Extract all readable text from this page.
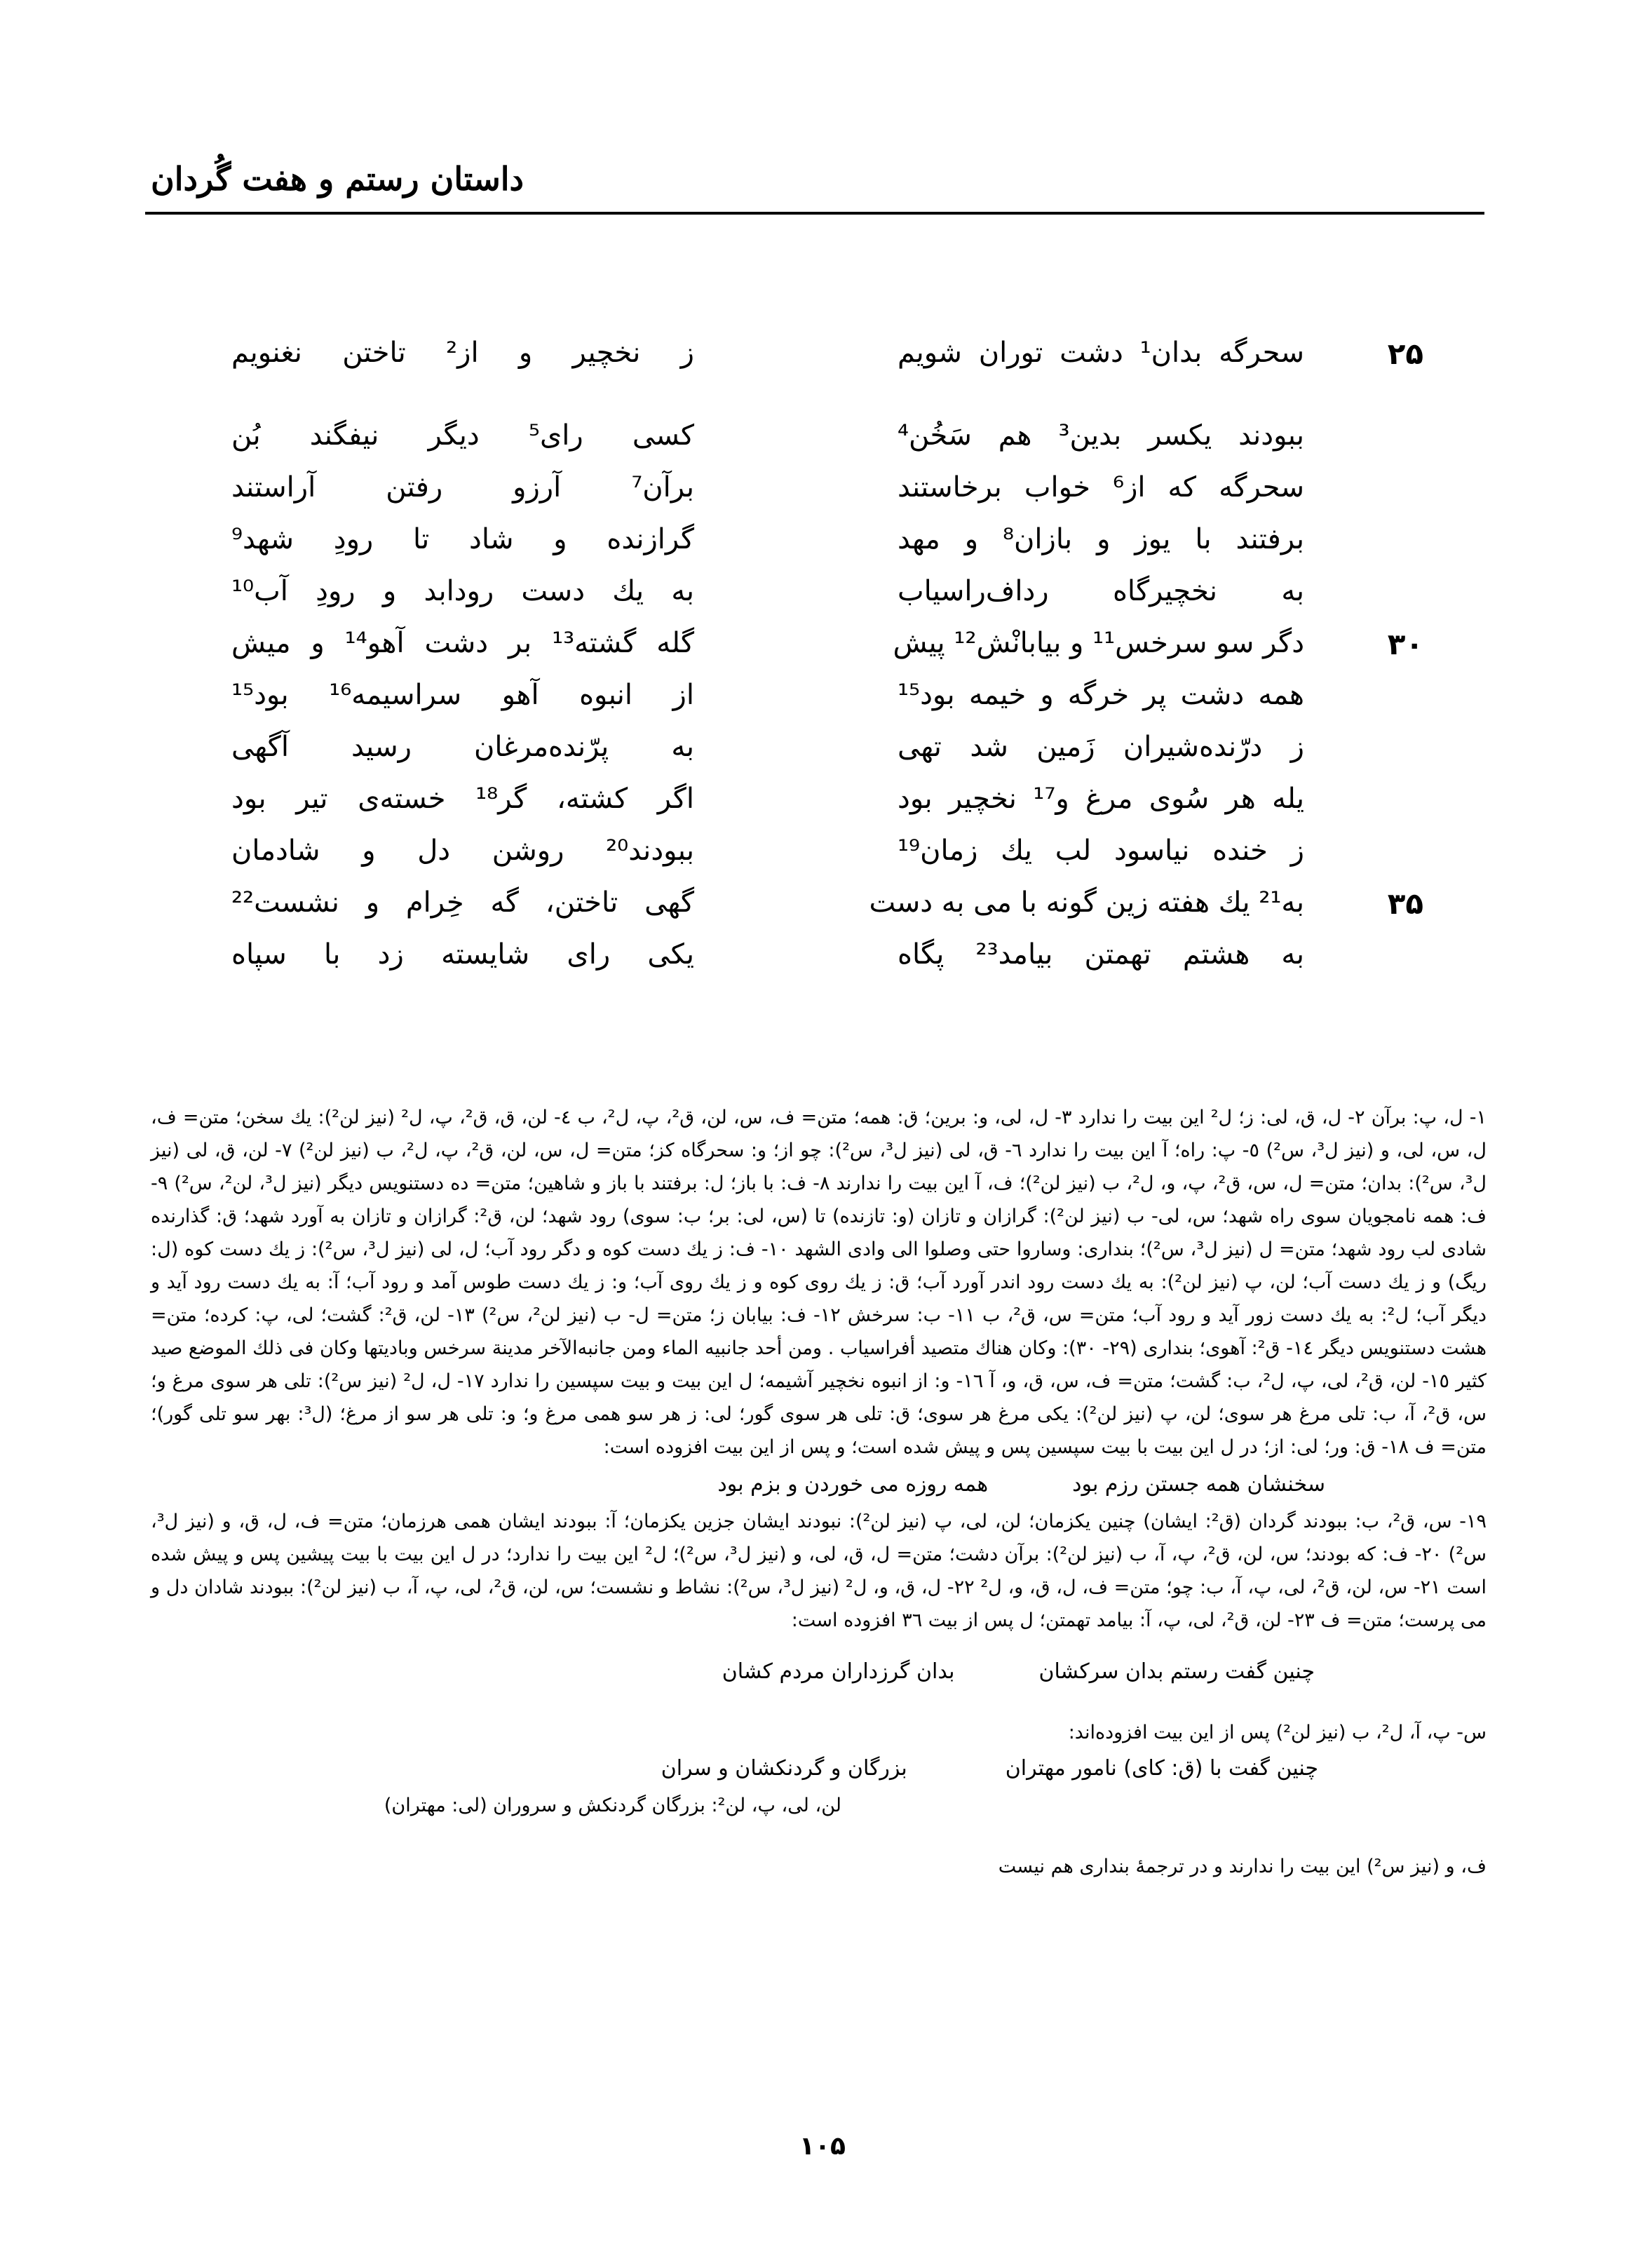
داستان رستم و هفت گُردان
۲۵
سحرگه بدان¹ دشت توران شویم
ز نخچیر و از² تاختن نغنویم
ببودند یکسر بدین³ هم سَخُن⁴
کسی رای⁵ دیگر نیفگند بُن
سحرگه که از⁶ خواب برخاستند
برآن⁷ آرزو رفتن آراستند
برفتند با یوز و بازان⁸ و مهد
گرازنده و شاد تا رودِ شهد⁹
به نخچیرگاه رداف‌راسیاب
به یك دست رودابد و رودِ آب¹⁰
۳۰
دگر سو سرخس¹¹ و بیابانْش¹² پیش
گله گشته¹³ بر دشت آهو¹⁴ و میش
همه دشت پر خرگه و خیمه بود¹⁵
از انبوه آهو سراسیمه¹⁶ بود¹⁵
ز درّنده‌شیران زَمین شد تهی
به پرّنده‌مرغان رسید آگهی
یله هر سُوی مرغ و¹⁷ نخچیر بود
اگر کشته، گر¹⁸ خسته‌ی تیر بود
ز خنده نیاسود لب یك زمان¹⁹
ببودند²⁰ روشن دل و شادمان
۳۵
به²¹ یك هفته زین گونه با می به دست
گهی تاختن، گه خِرام و نشست²²
به هشتم تهمتن بیامد²³ پگاه
یکی رای شایسته زد با سپاه

١- ل، پ: برآن ٢- ل، ق، لی: ز؛ ل² این بیت را ندارد ٣- ل، لی، و: برین؛ ق: همه؛ متن= ف، س، لن، ق²، پ، ل²، ب ٤- لن، ق، ق²، پ، ل² (نیز لن²): یك سخن؛ متن= ف، ل، س، لی، و (نیز ل³، س²) ٥- پ: راه؛ آ این بیت را ندارد ٦- ق، لی (نیز ل³، س²): چو از؛ و: سحرگاه کز؛ متن= ل، س، لن، ق²، پ، ل²، ب (نیز لن²) ٧- لن، ق، لی (نیز ل³، س²): بدان؛ متن= ل، س، ق²، پ، و، ل²، ب (نیز لن²)؛ ف، آ این بیت را ندارند ٨- ف: با باز؛ ل: برفتند با باز و شاهین؛ متن= ده دستنویس دیگر (نیز ل³، لن²، س²) ٩- ف: همه نامجویان سوی راه شهد؛ س، لی- ب (نیز لن²): گرازان و تازان (و: تازنده) تا (س، لی: بر؛ ب: سوی) رود شهد؛ لن، ق²: گرازان و تازان به آورد شهد؛ ق: گذارنده شادی لب رود شهد؛ متن= ل (نیز ل³، س²)؛ بنداری: وساروا حتی وصلوا الی وادی الشهد ١٠- ف: ز یك دست کوه و دگر رود آب؛ ل، لی (نیز ل³، س²): ز یك دست کوه (ل: ریگ) و ز یك دست آب؛ لن، پ (نیز لن²): به یك دست رود اندر آورد آب؛ ق: ز یك روی کوه و ز یك روی آب؛ و: ز یك دست طوس آمد و رود آب؛ آ: به یك دست رود آید و دیگر آب؛ ل²: به یك دست زور آید و رود آب؛ متن= س، ق²، ب ١١- ب: سرخش ١٢- ف: بیابان ز؛ متن= ل- ب (نیز لن²، س²) ١٣- لن، ق²: گشت؛ لی، پ: کرده؛ متن= هشت دستنویس دیگر ١٤- ق²: آهوی؛ بنداری (٢٩- ٣٠): وکان هناك متصید أفراسیاب . ومن أحد جانبیه الماء ومن جانبه‌الآخر مدینة سرخس وبادیتها وکان فی ذلك الموضع صید کثیر ١٥- لن، ق²، لی، پ، ل²، ب: گشت؛ متن= ف، س، ق، و، آ ١٦- و: از انبوه نخچیر آشیمه؛ ل این بیت و بیت سپسین را ندارد ١٧- ل، ل² (نیز س²): تلی هر سوی مرغ و؛ س، ق²، آ، ب: تلی مرغ هر سوی؛ لن، پ (نیز لن²): یکی مرغ هر سوی؛ ق: تلی هر سوی گور؛ لی: ز هر سو همی مرغ و؛ و: تلی هر سو از مرغ؛ (ل³: بهر سو تلی گور)؛ متن= ف ١٨- ق: ور؛ لی: از؛ در ل این بیت با بیت سپسین پس و پیش شده است؛ و پس از این بیت افزوده است:

سخنشان همه جستن رزم بود
همه روزه می خوردن و بزم بود

١٩- س، ق²، ب: ببودند گردان (ق²: ایشان) چنین یکزمان؛ لن، لی، پ (نیز لن²): نبودند ایشان جزین یکزمان؛ آ: ببودند ایشان همی هرزمان؛ متن= ف، ل، ق، و (نیز ل³، س²) ٢٠- ف: که بودند؛ س، لن، ق²، پ، آ، ب (نیز لن²): برآن دشت؛ متن= ل، ق، لی، و (نیز ل³، س²)؛ ل² این بیت را ندارد؛ در ل این بیت با بیت پیشین پس و پیش شده است ٢١- س، لن، ق²، لی، پ، آ، ب: چو؛ متن= ف، ل، ق، و، ل² ٢٢- ل، ق، و، ل² (نیز ل³، س²): نشاط و نشست؛ س، لن، ق²، لی، پ، آ، ب (نیز لن²): ببودند شادان دل و می پرست؛ متن= ف ٢٣- لن، ق²، لی، پ، آ: بیامد تهمتن؛ ل پس از بیت ٣٦ افزوده است:

چنین گفت رستم بدان سرکشان
بدان گرزداران مردم کشان

س- پ، آ، ل²، ب (نیز لن²) پس از این بیت افزوده‌اند:

چنین گفت با (ق: کای) نامور مهتران
بزرگان و گردنکشان و سران

لن، لی، پ، لن²: بزرگان گردنکش و سروران (لی: مهتران)

ف، و (نیز س²) این بیت را ندارند و در ترجمهٔ بنداری هم نیست

١٠۵
